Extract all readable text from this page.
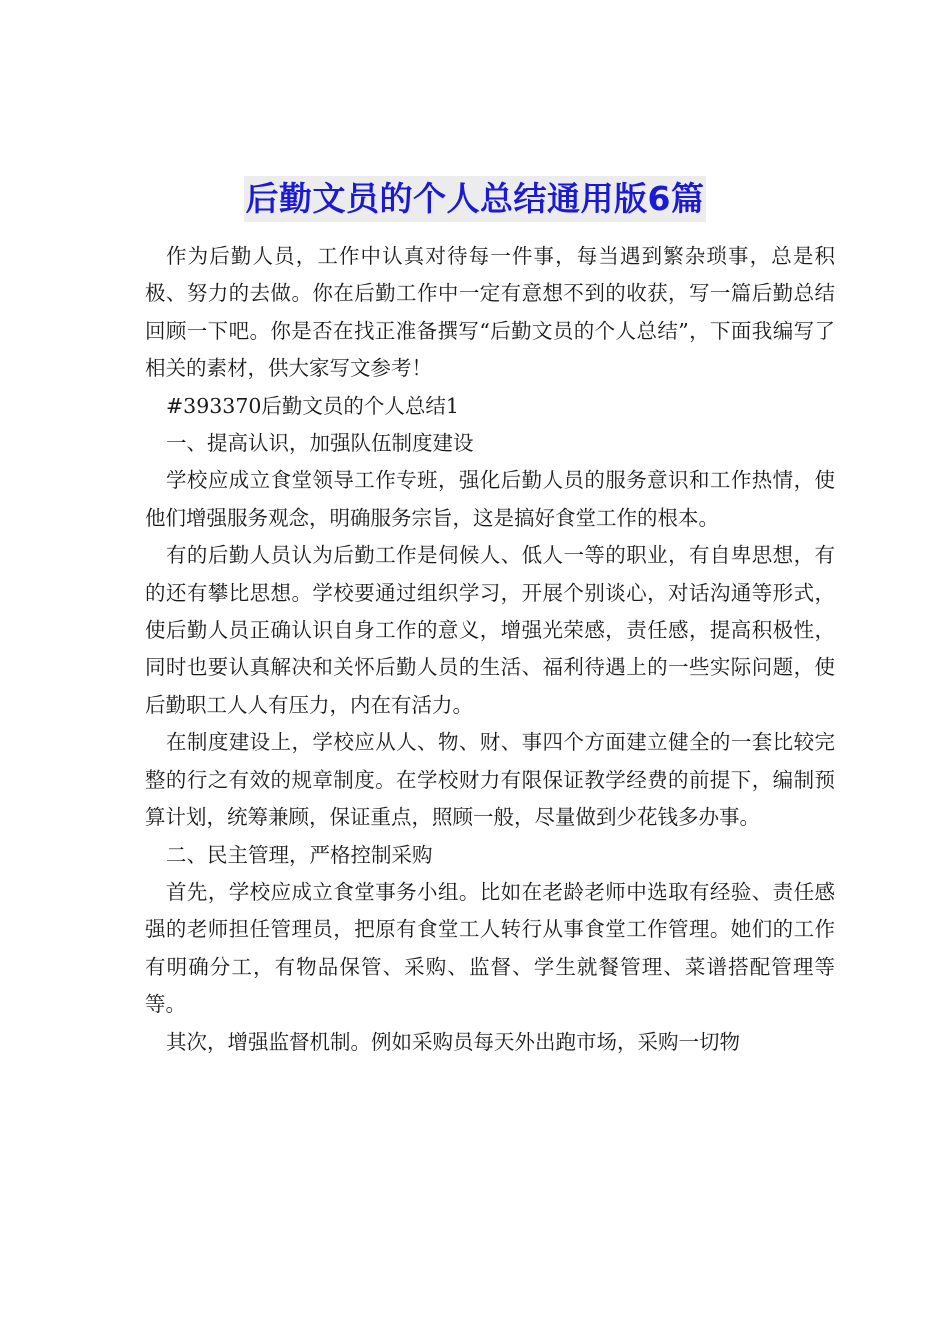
后勤文员的个人总结通用版6篇

作为后勤人员，工作中认真对待每一件事，每当遇到繁杂琐事，总是积极、努力的去做。你在后勤工作中一定有意想不到的收获，写一篇后勤总结回顾一下吧。你是否在找正准备撰写“后勤文员的个人总结”，下面我编写了相关的素材，供大家写文参考！

#393370后勤文员的个人总结1

一、提高认识，加强队伍制度建设

学校应成立食堂领导工作专班，强化后勤人员的服务意识和工作热情，使他们增强服务观念，明确服务宗旨，这是搞好食堂工作的根本。

有的后勤人员认为后勤工作是伺候人、低人一等的职业，有自卑思想，有的还有攀比思想。学校要通过组织学习，开展个别谈心，对话沟通等形式，使后勤人员正确认识自身工作的意义，增强光荣感，责任感，提高积极性，同时也要认真解决和关怀后勤人员的生活、福利待遇上的一些实际问题，使后勤职工人人有压力，内在有活力。

在制度建设上，学校应从人、物、财、事四个方面建立健全的一套比较完整的行之有效的规章制度。在学校财力有限保证教学经费的前提下，编制预算计划，统筹兼顾，保证重点，照顾一般，尽量做到少花钱多办事。

二、民主管理，严格控制采购

首先，学校应成立食堂事务小组。比如在老龄老师中选取有经验、责任感强的老师担任管理员，把原有食堂工人转行从事食堂工作管理。她们的工作有明确分工，有物品保管、采购、监督、学生就餐管理、菜谱搭配管理等等。

其次，增强监督机制。例如采购员每天外出跑市场，采购一切物
